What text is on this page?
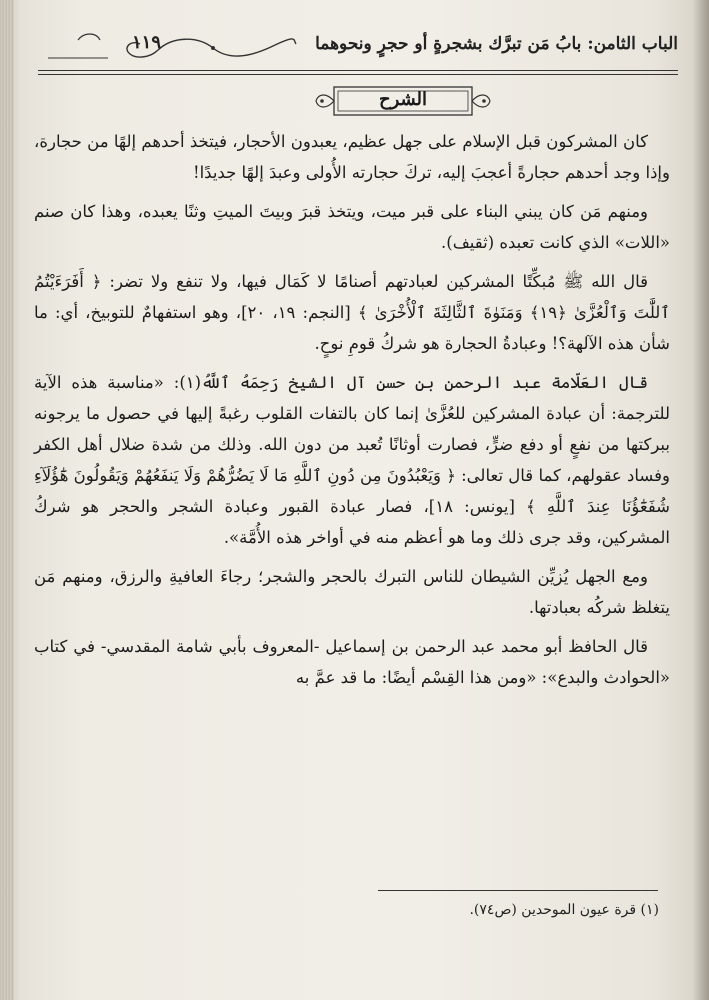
١١٩	الباب الثامن: بابُ مَن تبرَّك بشجرةٍ أو حجرٍ ونحوهما
الشرح

كان المشركون قبل الإسلام على جهل عظيم، يعبدون الأحجار، فيتخذ أحدهم إلهًا من حجارة، وإذا وجد أحدهم حجارةً أعجبَ إليه، تركَ حجارته الأُولى وعبدَ إلهًا جديدًا!

ومنهم مَن كان يبني البناء على قبر ميت، ويتخذ قبرَ وبيتَ الميتِ وثنًا يعبده، وهذا كان صنم «اللات» الذي كانت تعبده (ثقيف).

قال الله ﷺ مُبكِّتًا المشركين لعبادتهم أصنامًا لا كَمَال فيها، ولا تنفع ولا تضر: ﴿ أَفَرَءَيْتُمُ ٱللَّٰتَ وَٱلْعُزَّىٰ ﴿١٩﴾ وَمَنَوٰةَ ٱلثَّالِثَةَ ٱلْأُخْرَىٰ ﴾ [النجم: ١٩، ٢٠]، وهو استفهامٌ للتوبيخ، أي: ما شأن هذه الآلهة؟! وعبادةُ الحجارة هو شركُ قومِ نوحٍ.

قال العَلّامة عبد الرحمن بن حسن آل الشيخ رَحِمَهُ ٱللَّهُ(١): «مناسبة هذه الآية للترجمة: أن عبادة المشركين للعُزَّىٰ إنما كان بالتفات القلوب رغبةً إليها في حصول ما يرجونه ببركتها من نفعٍ أو دفع ضرٍّ، فصارت أوثانًا تُعبد من دون الله. وذلك من شدة ضلال أهل الكفر وفساد عقولهم، كما قال تعالى: ﴿ وَيَعْبُدُونَ مِن دُونِ ٱللَّهِ مَا لَا يَضُرُّهُمْ وَلَا يَنفَعُهُمْ وَيَقُولُونَ هَٰٓؤُلَآءِ شُفَعَٰٓؤُنَا عِندَ ٱللَّهِ ﴾ [يونس: ١٨]، فصار عبادة القبور وعبادة الشجر والحجر هو شركُ المشركين، وقد جرى ذلك وما هو أعظم منه في أواخر هذه الأُمَّة».

ومع الجهل يُزيِّن الشيطان للناس التبرك بالحجر والشجر؛ رجاءَ العافيةِ والرزق، ومنهم مَن يتغلظ شركُه بعبادتها.

قال الحافظ أبو محمد عبد الرحمن بن إسماعيل -المعروف بأبي شامة المقدسي- في كتاب «الحوادث والبدع»: «ومن هذا القِسْم أيضًا: ما قد عمَّ به

(١) قرة عيون الموحدين (ص٧٤).
